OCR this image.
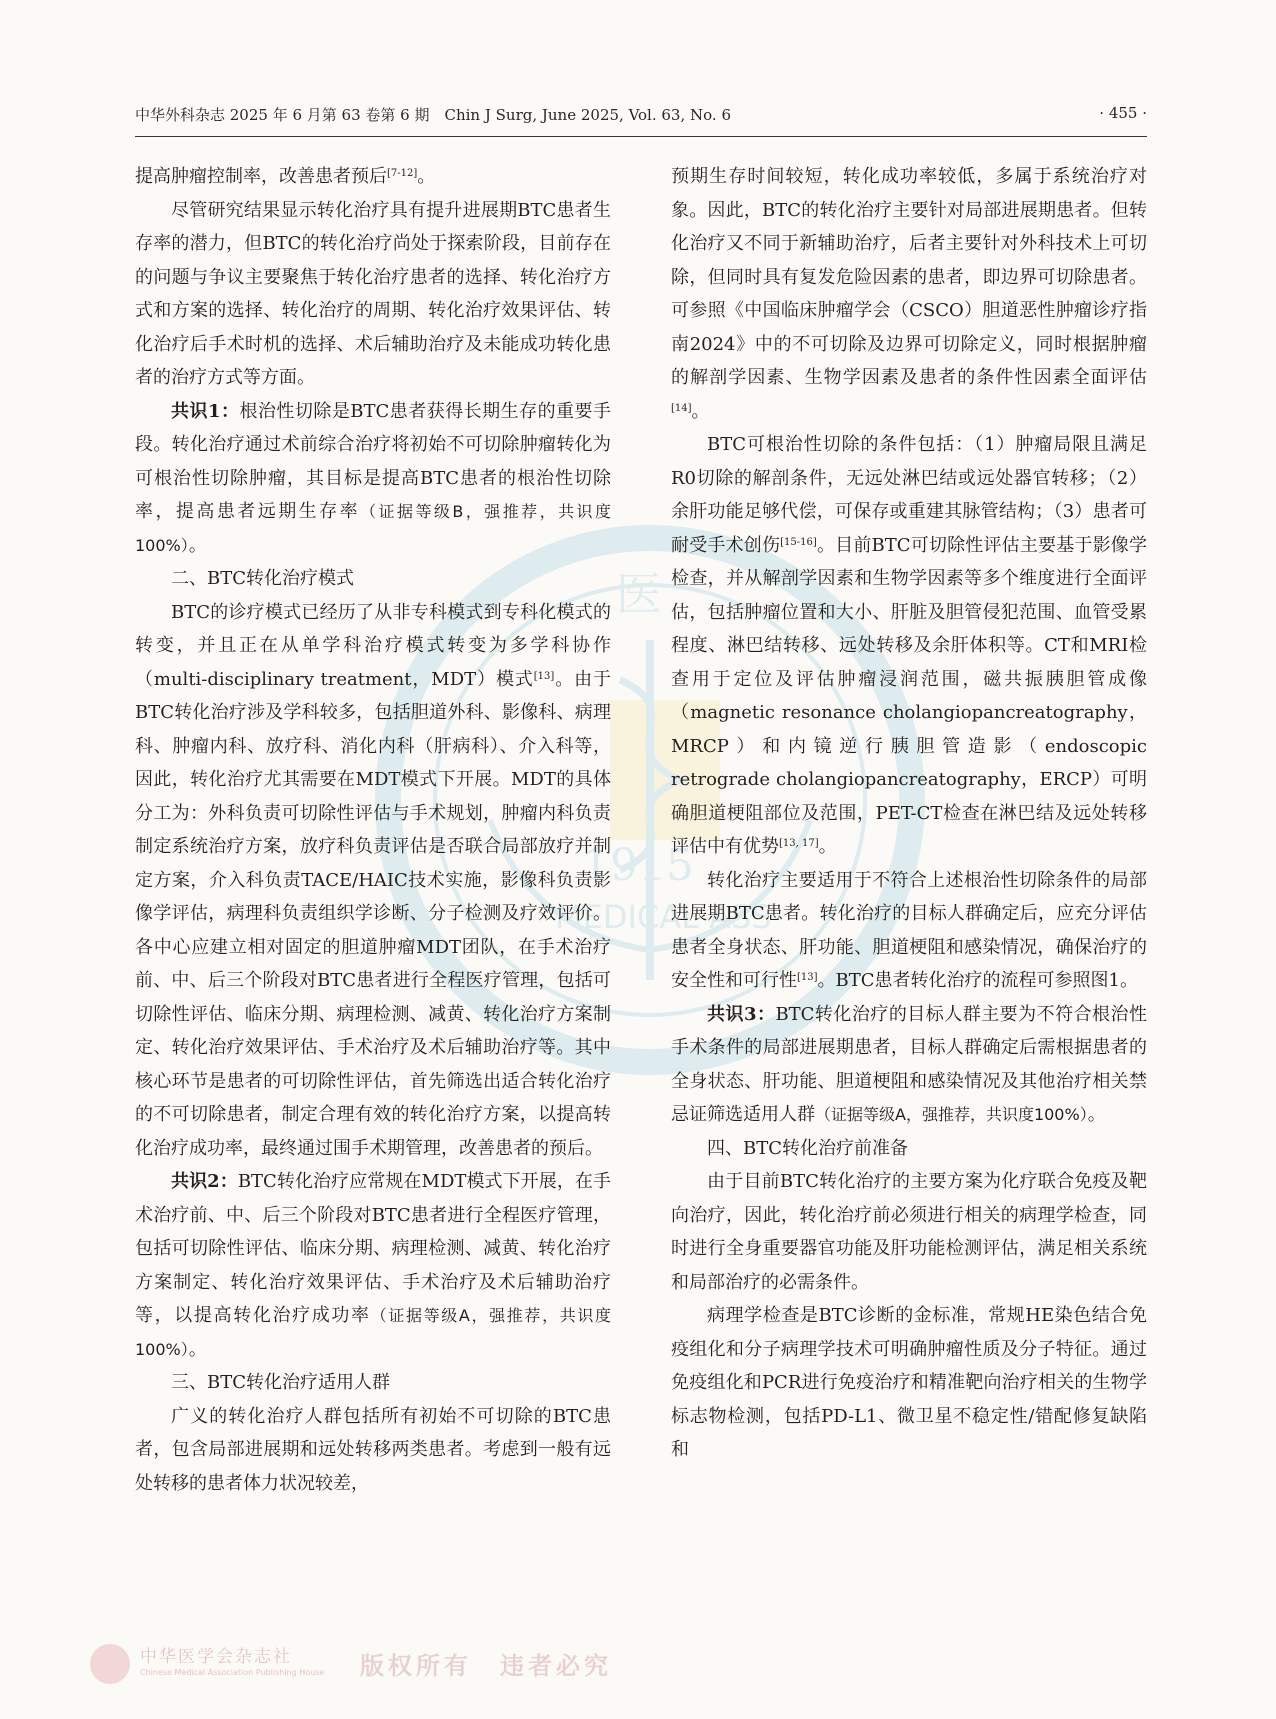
中华外科杂志 2025 年 6 月第 63 卷第 6 期　Chin J Surg, June 2025, Vol. 63, No. 6	· 455 ·
医
1915
MEDICAL ASS

提高肿瘤控制率，改善患者预后[7-12]。

尽管研究结果显示转化治疗具有提升进展期BTC患者生存率的潜力，但BTC的转化治疗尚处于探索阶段，目前存在的问题与争议主要聚焦于转化治疗患者的选择、转化治疗方式和方案的选择、转化治疗的周期、转化治疗效果评估、转化治疗后手术时机的选择、术后辅助治疗及未能成功转化患者的治疗方式等方面。

共识1：根治性切除是BTC患者获得长期生存的重要手段。转化治疗通过术前综合治疗将初始不可切除肿瘤转化为可根治性切除肿瘤，其目标是提高BTC患者的根治性切除率，提高患者远期生存率（证据等级B，强推荐，共识度100%）。

二、BTC转化治疗模式

BTC的诊疗模式已经历了从非专科模式到专科化模式的转变，并且正在从单学科治疗模式转变为多学科协作（multi-disciplinary treatment，MDT）模式[13]。由于BTC转化治疗涉及学科较多，包括胆道外科、影像科、病理科、肿瘤内科、放疗科、消化内科（肝病科）、介入科等，因此，转化治疗尤其需要在MDT模式下开展。MDT的具体分工为：外科负责可切除性评估与手术规划，肿瘤内科负责制定系统治疗方案，放疗科负责评估是否联合局部放疗并制定方案，介入科负责TACE/HAIC技术实施，影像科负责影像学评估，病理科负责组织学诊断、分子检测及疗效评价。各中心应建立相对固定的胆道肿瘤MDT团队，在手术治疗前、中、后三个阶段对BTC患者进行全程医疗管理，包括可切除性评估、临床分期、病理检测、减黄、转化治疗方案制定、转化治疗效果评估、手术治疗及术后辅助治疗等。其中核心环节是患者的可切除性评估，首先筛选出适合转化治疗的不可切除患者，制定合理有效的转化治疗方案，以提高转化治疗成功率，最终通过围手术期管理，改善患者的预后。

共识2：BTC转化治疗应常规在MDT模式下开展，在手术治疗前、中、后三个阶段对BTC患者进行全程医疗管理，包括可切除性评估、临床分期、病理检测、减黄、转化治疗方案制定、转化治疗效果评估、手术治疗及术后辅助治疗等，以提高转化治疗成功率（证据等级A，强推荐，共识度100%）。

三、BTC转化治疗适用人群

广义的转化治疗人群包括所有初始不可切除的BTC患者，包含局部进展期和远处转移两类患者。考虑到一般有远处转移的患者体力状况较差，

预期生存时间较短，转化成功率较低，多属于系统治疗对象。因此，BTC的转化治疗主要针对局部进展期患者。但转化治疗又不同于新辅助治疗，后者主要针对外科技术上可切除，但同时具有复发危险因素的患者，即边界可切除患者。可参照《中国临床肿瘤学会（CSCO）胆道恶性肿瘤诊疗指南2024》中的不可切除及边界可切除定义，同时根据肿瘤的解剖学因素、生物学因素及患者的条件性因素全面评估[14]。

BTC可根治性切除的条件包括：（1）肿瘤局限且满足R0切除的解剖条件，无远处淋巴结或远处器官转移；（2）余肝功能足够代偿，可保存或重建其脉管结构；（3）患者可耐受手术创伤[15-16]。目前BTC可切除性评估主要基于影像学检查，并从解剖学因素和生物学因素等多个维度进行全面评估，包括肿瘤位置和大小、肝脏及胆管侵犯范围、血管受累程度、淋巴结转移、远处转移及余肝体积等。CT和MRI检查用于定位及评估肿瘤浸润范围，磁共振胰胆管成像（magnetic resonance cholangiopancreatography，MRCP）和内镜逆行胰胆管造影（endoscopic retrograde cholangiopancreatography，ERCP）可明确胆道梗阻部位及范围，PET-CT检查在淋巴结及远处转移评估中有优势[13, 17]。

转化治疗主要适用于不符合上述根治性切除条件的局部进展期BTC患者。转化治疗的目标人群确定后，应充分评估患者全身状态、肝功能、胆道梗阻和感染情况，确保治疗的安全性和可行性[13]。BTC患者转化治疗的流程可参照图1。

共识3：BTC转化治疗的目标人群主要为不符合根治性手术条件的局部进展期患者，目标人群确定后需根据患者的全身状态、肝功能、胆道梗阻和感染情况及其他治疗相关禁忌证筛选适用人群（证据等级A，强推荐，共识度100%）。

四、BTC转化治疗前准备

由于目前BTC转化治疗的主要方案为化疗联合免疫及靶向治疗，因此，转化治疗前必须进行相关的病理学检查，同时进行全身重要器官功能及肝功能检测评估，满足相关系统和局部治疗的必需条件。

病理学检查是BTC诊断的金标准，常规HE染色结合免疫组化和分子病理学技术可明确肿瘤性质及分子特征。通过免疫组化和PCR进行免疫治疗和精准靶向治疗相关的生物学标志物检测，包括PD-L1、微卫星不稳定性/错配修复缺陷和

中华医学会杂志社
Chinese Medical Association Publishing House 版权所有　违者必究
